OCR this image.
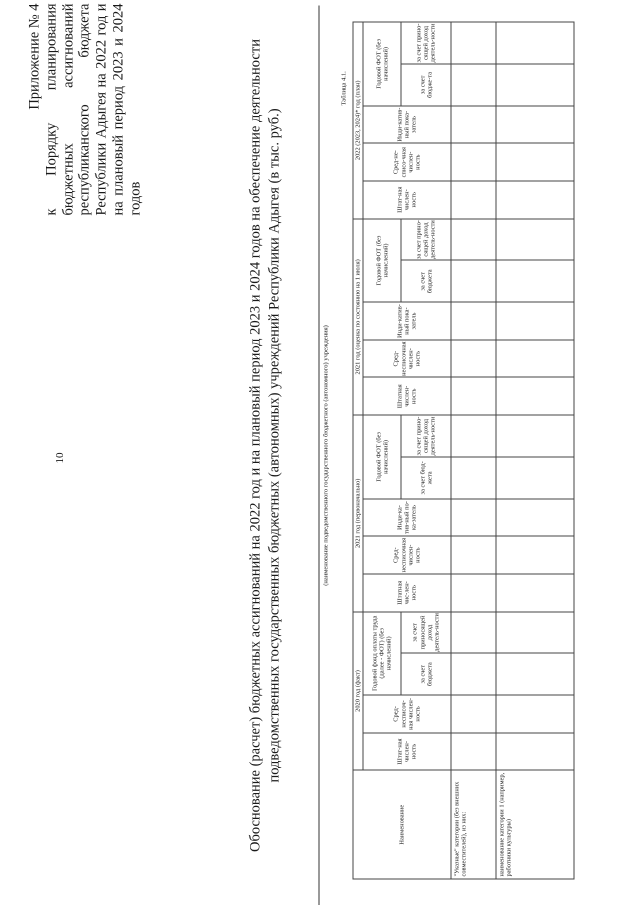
10
Приложение № 4 к Порядку планирования бюджетных ассигнований республиканского бюджета Республики Адыгея на 2022 год и на плановый период 2023 и 2024 годов	Обоснование (расчет) бюджетных ассигнований на 2022 год и на плановый период 2023 и 2024 годов на обеспечение деятельности подведомственных государственных бюджетных (автономных) учреждений Республики Адыгея (в тыс. руб.)	(наименование подведомственного государственного бюджетного (автономного) учреждения)
Таблица 4.1.
Наименование	2020 год (факт)				2021 год (первоначально)					2021 год (оценка по состоянию на 1 июля)					2022 (2023, 2024)* год (план)				
	Штат-ная числен-ность	Сред-несписоч-ная числен-ность	Годовой фонд оплаты труда (далее - ФОТ) (без начислений)		Штатная чис-лен-ность	Сред-несписочная числен-ность	Инди-ка-тив-ный по-ка-затель	Годовой ФОТ (без начислений)		Штатная числен-ность	Сред-несписочная числен-ность	Инди-катив-ный пока-затель	Годовой ФОТ (без начислений)		Штат-ная числен-ность	Сред-не-списо-чная числен-ность	Инди-катив-ный пока-затель	Годовой ФОТ (без начислений)	
			за счет бюджета	за счет приносящей доход деятель-ности				за счет бюд-жета	за счет прино-сящей доход деятель-ности				за счет бюджета	за счет прино-сящей доход деятель-ности				за счет бюдже-та	за счет прино-сящей доход деятель-ности
"Указные" категории (без внешних совместителей), из них:																			
наименование категории 1 (например, работники культуры)																			
